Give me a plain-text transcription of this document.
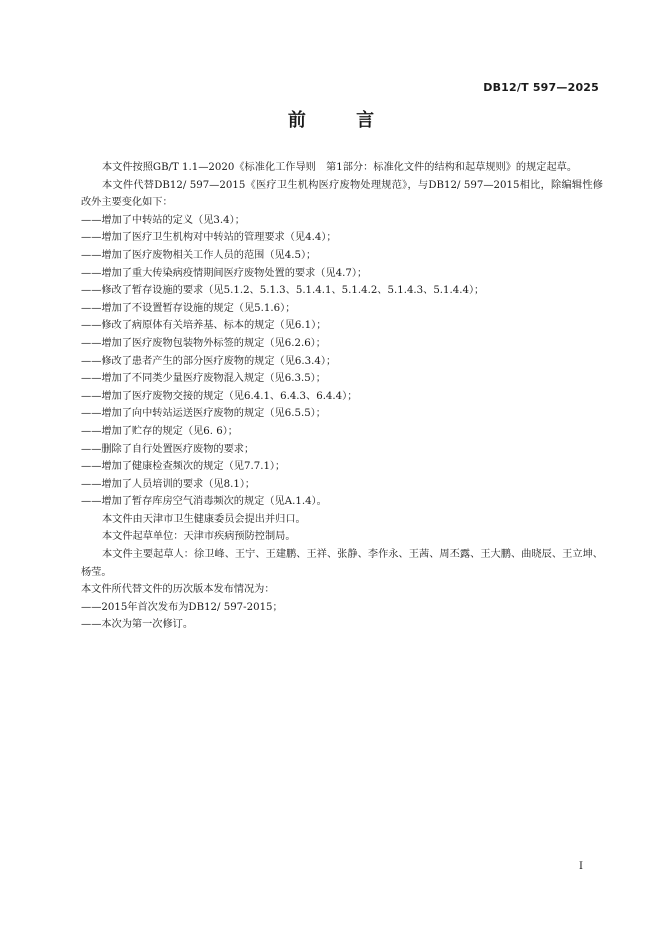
DB12/T 597—2025
前 言

本文件按照GB/T 1.1—2020《标准化工作导则　第1部分：标准化文件的结构和起草规则》的规定起草。

本文件代替DB12/ 597—2015《医疗卫生机构医疗废物处理规范》，与DB12/ 597—2015相比，除编辑性修改外主要变化如下：

——增加了中转站的定义（见3.4）；

——增加了医疗卫生机构对中转站的管理要求（见4.4）；

——增加了医疗废物相关工作人员的范围（见4.5）；

——增加了重大传染病疫情期间医疗废物处置的要求（见4.7）；

——修改了暂存设施的要求（见5.1.2、5.1.3、5.1.4.1、5.1.4.2、5.1.4.3、5.1.4.4）；

——增加了不设置暂存设施的规定（见5.1.6）；

——修改了病原体有关培养基、标本的规定（见6.1）；

——增加了医疗废物包装物外标签的规定（见6.2.6）；

——修改了患者产生的部分医疗废物的规定（见6.3.4）；

——增加了不同类少量医疗废物混入规定（见6.3.5）；

——增加了医疗废物交接的规定（见6.4.1、6.4.3、6.4.4）；

——增加了向中转站运送医疗废物的规定（见6.5.5）；

——增加了贮存的规定（见6. 6）；

——删除了自行处置医疗废物的要求；

——增加了健康检查频次的规定（见7.7.1）；

——增加了人员培训的要求（见8.1）；

——增加了暂存库房空气消毒频次的规定（见A.1.4）。

本文件由天津市卫生健康委员会提出并归口。

本文件起草单位：天津市疾病预防控制局。

本文件主要起草人：徐卫峰、王宁、王建鹏、王祥、张静、李作永、王茜、周丕露、王大鹏、曲晓辰、王立坤、杨莹。

本文件所代替文件的历次版本发布情况为：

——2015年首次发布为DB12/ 597-2015；

——本次为第一次修订。

I
